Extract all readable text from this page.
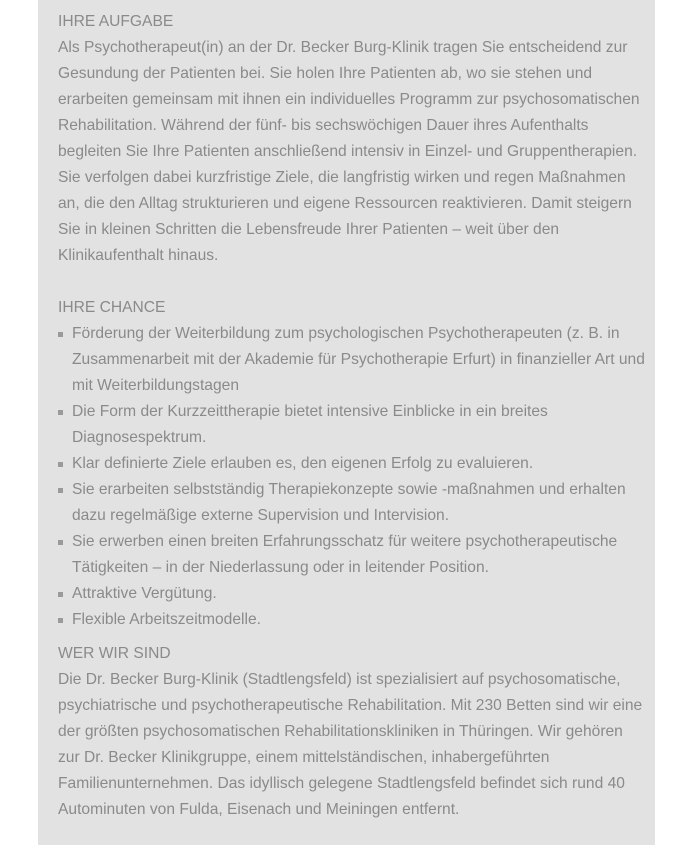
IHRE AUFGABE

Als Psychotherapeut(in) an der Dr. Becker Burg-Klinik tragen Sie entscheidend zur Gesundung der Patienten bei. Sie holen Ihre Patienten ab, wo sie stehen und erarbeiten gemeinsam mit ihnen ein individuelles Programm zur psychosomatischen Rehabilitation. Während der fünf- bis sechswöchigen Dauer ihres Aufenthalts begleiten Sie Ihre Patienten anschließend intensiv in Einzel- und Gruppentherapien. Sie verfolgen dabei kurzfristige Ziele, die langfristig wirken und regen Maßnahmen an, die den Alltag strukturieren und eigene Ressourcen reaktivieren. Damit steigern Sie in kleinen Schritten die Lebensfreude Ihrer Patienten – weit über den Klinikaufenthalt hinaus.

IHRE CHANCE
Förderung der Weiterbildung zum psychologischen Psychotherapeuten (z. B. in Zusammenarbeit mit der Akademie für Psychotherapie Erfurt) in finanzieller Art und mit Weiterbildungstagen
Die Form der Kurzzeittherapie bietet intensive Einblicke in ein breites Diagnosespektrum.
Klar definierte Ziele erlauben es, den eigenen Erfolg zu evaluieren.
Sie erarbeiten selbstständig Therapiekonzepte sowie -maßnahmen und erhalten dazu regelmäßige externe Supervision und Intervision.
Sie erwerben einen breiten Erfahrungsschatz für weitere psychotherapeutische Tätigkeiten – in der Niederlassung oder in leitender Position.
Attraktive Vergütung.
Flexible Arbeitszeitmodelle.
WER WIR SIND

Die Dr. Becker Burg-Klinik (Stadtlengsfeld) ist spezialisiert auf psychosomatische, psychiatrische und psychotherapeutische Rehabilitation. Mit 230 Betten sind wir eine der größten psychosomatischen Rehabilitationskliniken in Thüringen. Wir gehören zur Dr. Becker Klinikgruppe, einem mittelständischen, inhabergeführten Familienunternehmen. Das idyllisch gelegene Stadtlengsfeld befindet sich rund 40 Autominuten von Fulda, Eisenach und Meiningen entfernt.
